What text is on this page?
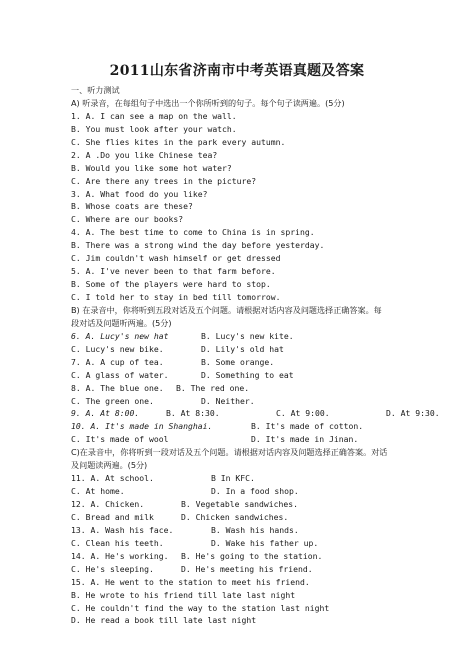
2011山东省济南市中考英语真题及答案
一、听力测试
A) 听录音，在每组句子中选出一个你所听到的句子。每个句子读两遍。(5分)
1. A. I can see a map on the wall.
B. You must look after your watch.
C. She flies kites in the park every autumn.
2. A .Do you like Chinese tea?
B. Would you like some hot water?
C. Are there any trees in the picture?
3. A. What food do you like?
B. Whose coats are these?
C. Where are our books?
4. A. The best time to come to China is in spring.
B. There was a strong wind the day before yesterday.
C. Jim couldn't wash himself or get dressed
5. A. I've never been to that farm before.
B. Some of the players were hard to stop.
C. I told her to stay in bed till tomorrow.
B) 在录音中，你将听到五段对话及五个问题。请根据对话内容及问题选择正确答案。每
段对话及问题听两遍。(5分)
6. A. Lucy's new hat	B. Lucy's new kite.
C. Lucy's new bike.	D. Lily's old hat
7. A. A cup of tea.	B. Some orange.
C. A glass of water.	D. Something to eat
8. A. The blue one. B. The red one.
C. The green one.	D. Neither.
9. A. At 8:00.	B. At 8:30.	C. At 9:00.	D. At 9:30.
10. A. It's made in Shanghai.	B. It's made of cotton.
C. It's made of wool	D. It's made in Jinan.
C)在录音中，你将听到一段对话及五个问题。请根据对话内容及问题选择正确答案。对话
及问题读两遍。(5分)
11. A. At school.	B In KFC.
C. At home.	D. In a food shop.
12. A. Chicken.	B. Vegetable sandwiches.
C. Bread and milk	D. Chicken sandwiches.
13. A. Wash his face.	B. Wash his hands.
C. Clean his teeth.	D. Wake his father up.
14. A. He's working. B. He's going to the station.
C. He's sleeping.	D. He's meeting his friend.
15. A. He went to the station to meet his friend.
B. He wrote to his friend till late last night
C. He couldn't find the way to the station last night
D. He read a book till late last night
